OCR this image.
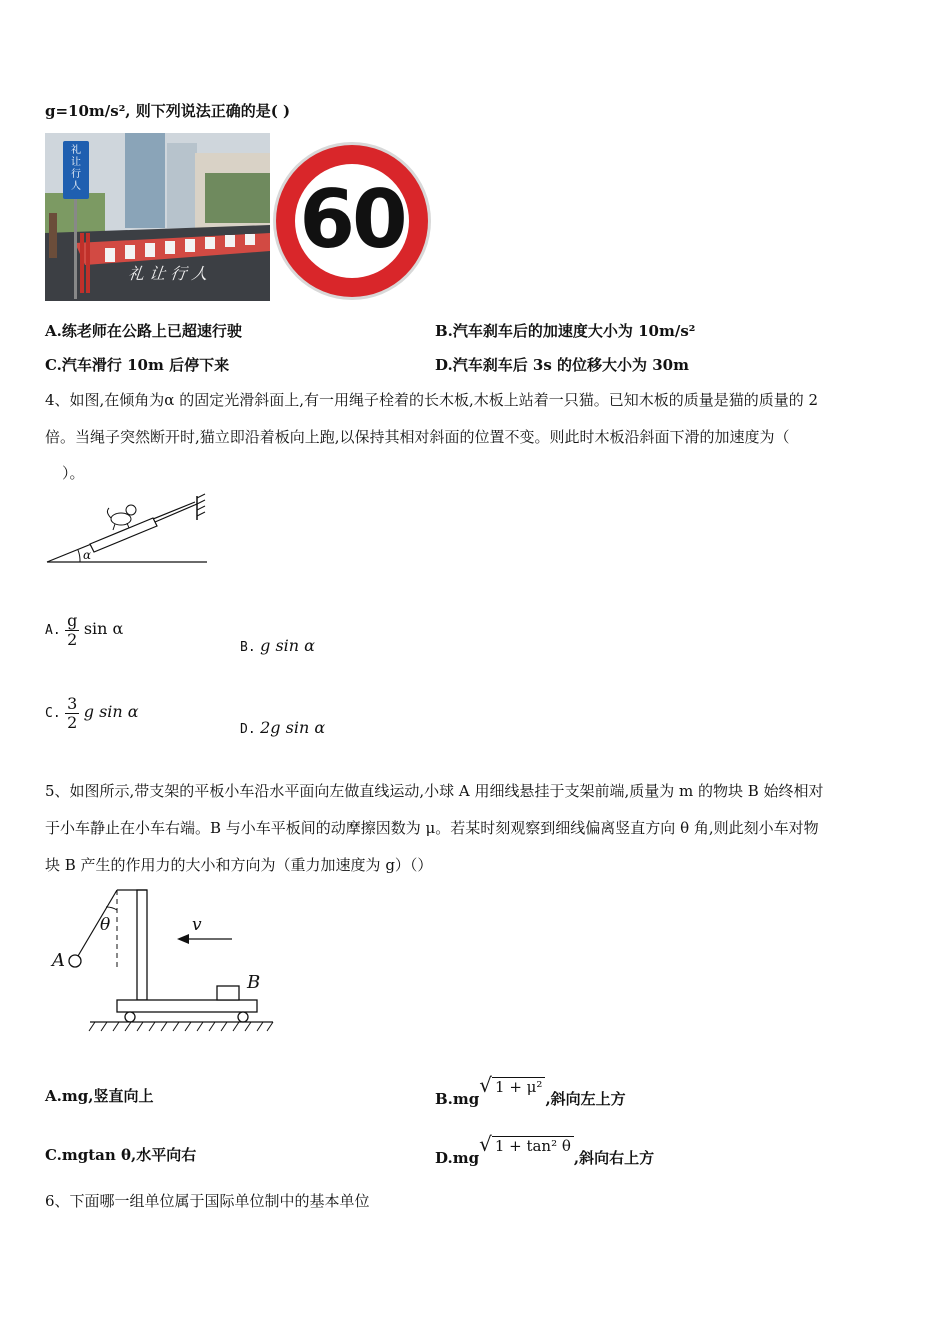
g=10m/s², 则下列说法正确的是( )
礼 让 行 人
礼 让 行 人
60
A.练老师在公路上已超速行驶	B.汽车刹车后的加速度大小为 10m/s²
C.汽车滑行 10m 后停下来	D.汽车刹车后 3s 的位移大小为 30m
4、如图,在倾角为α 的固定光滑斜面上,有一用绳子栓着的长木板,木板上站着一只猫。已知木板的质量是猫的质量的 2
倍。当绳子突然断开时,猫立即沿着板向上跑,以保持其相对斜面的位置不变。则此时木板沿斜面下滑的加速度为（
）。
α
A. $\frac{g}{2}$ sin α
B. g sin α
C. $\frac{3}{2}$ g sin α
D. 2g sin α
5、如图所示,带支架的平板小车沿水平面向左做直线运动,小球 A 用细线悬挂于支架前端,质量为 m 的物块 B 始终相对
于小车静止在小车右端。B 与小车平板间的动摩擦因数为 μ。若某时刻观察到细线偏离竖直方向 θ 角,则此刻小车对物
块 B 产生的作用力的大小和方向为（重力加速度为 g）（）
A
θ	v
B
A.mg,竖直向上	B.mg√ 1 + μ²,斜向左上方
C.mgtan θ,水平向右	D.mg√ 1 + tan² θ,斜向右上方
6、下面哪一组单位属于国际单位制中的基本单位
